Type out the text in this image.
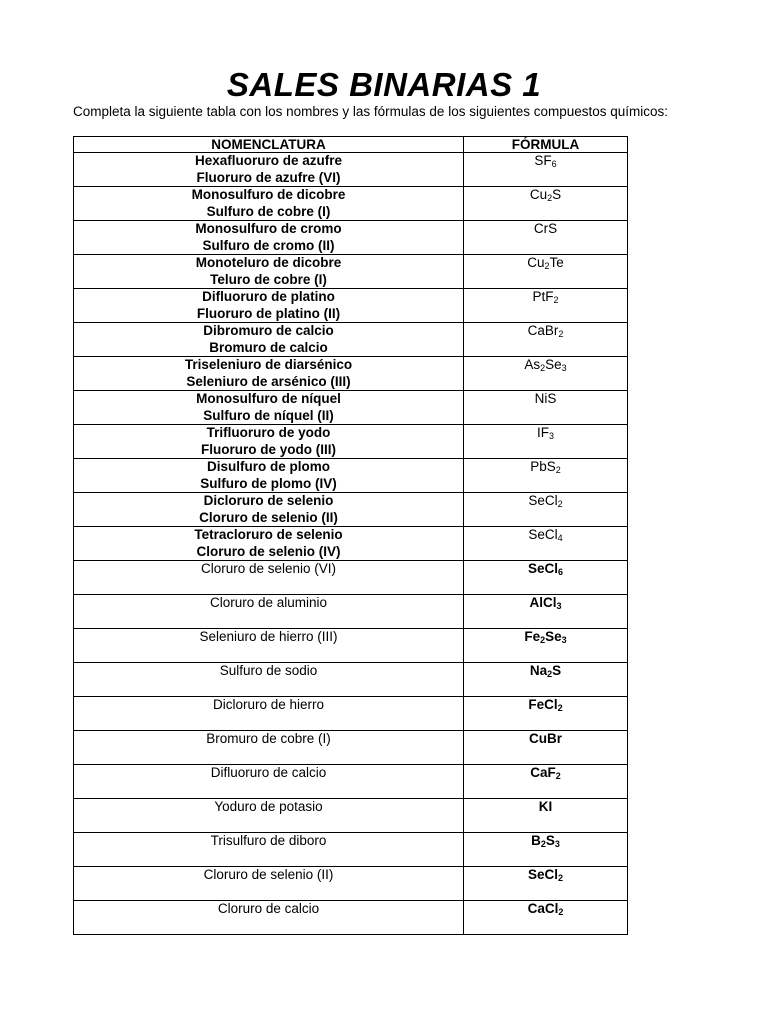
SALES BINARIAS 1
Completa la siguiente tabla con los nombres y las fórmulas de los siguientes compuestos químicos:
NOMENCLATURA	FÓRMULA

Hexafluoruro de azufre
Fluoruro de azufre (VI)	$SF_6$

Monosulfuro de dicobre
Sulfuro de cobre (I)	$Cu_2S$

Monosulfuro de cromo
Sulfuro de cromo (II)	CrS

Monoteluro de dicobre
Teluro de cobre (I)	$Cu_2Te$

Difluoruro de platino
Fluoruro de platino (II)	PtF$_2$

Dibromuro de calcio
Bromuro de calcio	CaBr$_2$

Triseleniuro de diarsénico
Seleniuro de arsénico (III)	$As_2Se_3$

Monosulfuro de níquel
Sulfuro de níquel (II)	NiS

Trifluoruro de yodo
Fluoruro de yodo (III)	$IF_3$

Disulfuro de plomo
Sulfuro de plomo (IV)	PbS$_2$

Dicloruro de selenio
Cloruro de selenio (II)	SeCl$_2$

Tetracloruro de selenio
Cloruro de selenio (IV)	SeCl$_4$

Cloruro de selenio (VI)	SeCl$_6$

Cloruro de aluminio	AlCl$_3$

Seleniuro de hierro (III)	$Fe_2Se_3$

Sulfuro de sodio	$Na_2S$

Dicloruro de hierro	FeCl$_2$

Bromuro de cobre (I)	CuBr

Difluoruro de calcio	CaF$_2$

Yoduro de potasio	KI

Trisulfuro de diboro	$B_2S_3$

Cloruro de selenio (II)	SeCl$_2$

Cloruro de calcio	CaCl$_2$
